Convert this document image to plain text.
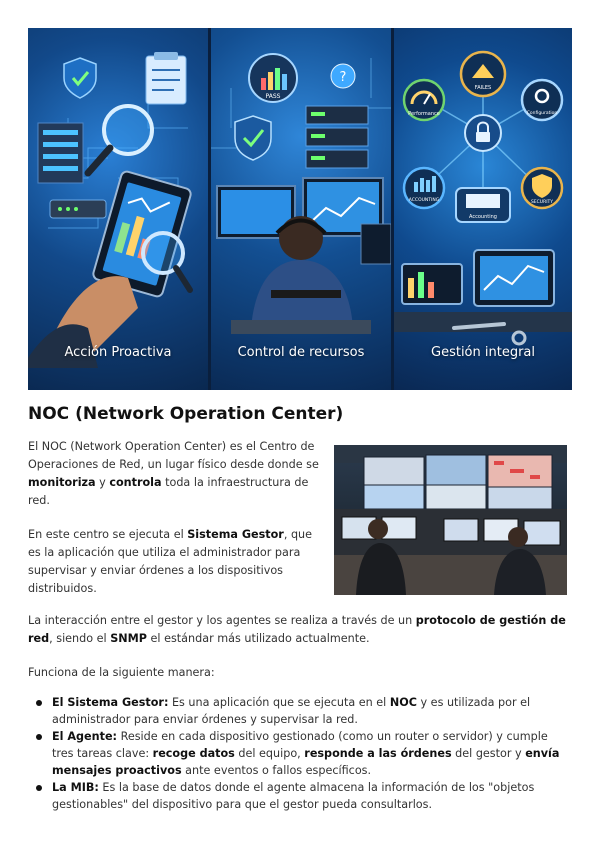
Acción Proactiva
PASS
?
Control de recursos
FAILES
Performance	Configuration
ACCOUNTING	SECURITY
Accounting
Gestión integral
NOC (Network Operation Center)

El NOC (Network Operation Center) es el Centro de Operaciones de Red, un lugar físico desde donde se monitoriza y controla toda la infraestructura de red.

En este centro se ejecuta el Sistema Gestor, que es la aplicación que utiliza el administrador para supervisar y enviar órdenes a los dispositivos distribuidos.

La interacción entre el gestor y los agentes se realiza a través de un protocolo de gestión de red, siendo el SNMP el estándar más utilizado actualmente.

Funciona de la siguiente manera:

El Sistema Gestor: Es una aplicación que se ejecuta en el NOC y es utilizada por el administrador para enviar órdenes y supervisar la red.
El Agente: Reside en cada dispositivo gestionado (como un router o servidor) y cumple tres tareas clave: recoge datos del equipo, responde a las órdenes del gestor y envía mensajes proactivos ante eventos o fallos específicos.
La MIB: Es la base de datos donde el agente almacena la información de los "objetos gestionables" del dispositivo para que el gestor pueda consultarlos.
